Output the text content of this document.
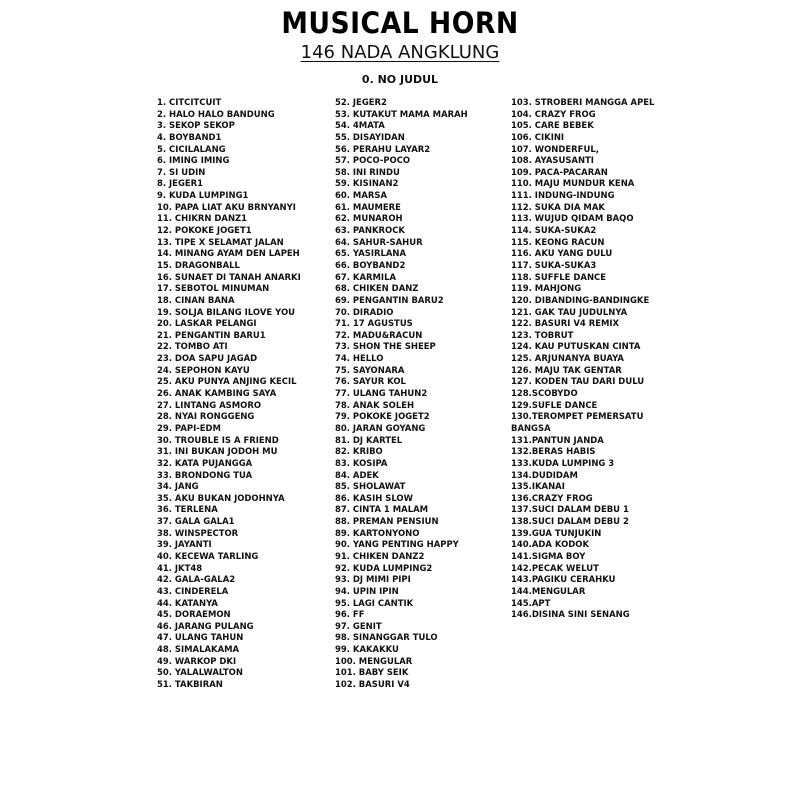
MUSICAL HORN
146 NADA ANGKLUNG
0. NO JUDUL
1. CITCITCUIT
2. HALO HALO BANDUNG
3. SEKOP SEKOP
4. BOYBAND1
5. CICILALANG
6. IMING IMING
7. SI UDIN
8. JEGER1
9. KUDA LUMPING1
10. PAPA LIAT AKU BRNYANYI
11. CHIKRN DANZ1
12. POKOKE JOGET1
13. TIPE X SELAMAT JALAN
14. MINANG AYAM DEN LAPEH
15. DRAGONBALL
16. SUNAET DI TANAH ANARKI
17. SEBOTOL MINUMAN
18. CINAN BANA
19. SOLJA BILANG ILOVE YOU
20. LASKAR PELANGI
21. PENGANTIN BARU1
22. TOMBO ATI
23. DOA SAPU JAGAD
24. SEPOHON KAYU
25. AKU PUNYA ANJING KECIL
26. ANAK KAMBING SAYA
27. LINTANG ASMORO
28. NYAI RONGGENG
29. PAPI-EDM
30. TROUBLE IS A FRIEND
31. INI BUKAN JODOH MU
32. KATA PUJANGGA
33. BRONDONG TUA
34. JANG
35. AKU BUKAN JODOHNYA
36. TERLENA
37. GALA GALA1
38. WINSPECTOR
39. JAYANTI
40. KECEWA TARLING
41. JKT48
42. GALA-GALA2
43. CINDERELA
44. KATANYA
45. DORAEMON
46. JARANG PULANG
47. ULANG TAHUN
48. SIMALAKAMA
49. WARKOP DKI
50. YALALWALTON
51. TAKBIRAN
52. JEGER2
53. KUTAKUT MAMA MARAH
54. 4MATA
55. DISAYIDAN
56. PERAHU LAYAR2
57. POCO-POCO
58. INI RINDU
59. KISINAN2
60. MARSA
61. MAUMERE
62. MUNAROH
63. PANKROCK
64. SAHUR-SAHUR
65. YASIRLANA
66. BOYBAND2
67. KARMILA
68. CHIKEN DANZ
69. PENGANTIN BARU2
70. DIRADIO
71. 17 AGUSTUS
72. MADU&RACUN
73. SHON THE SHEEP
74. HELLO
75. SAYONARA
76. SAYUR KOL
77. ULANG TAHUN2
78. ANAK SOLEH
79. POKOKE JOGET2
80. JARAN GOYANG
81. DJ KARTEL
82. KRIBO
83. KOSIPA
84. ADEK
85. SHOLAWAT
86. KASIH SLOW
87. CINTA 1 MALAM
88. PREMAN PENSIUN
89. KARTONYONO
90. YANG PENTING HAPPY
91. CHIKEN DANZ2
92. KUDA LUMPING2
93. DJ MIMI PIPI
94. UPIN IPIN
95. LAGI CANTIK
96. FF
97. GENIT
98. SINANGGAR TULO
99. KAKAKKU
100. MENGULAR
101. BABY SEIK
102. BASURI V4
103. STROBERI MANGGA APEL
104. CRAZY FROG
105. CARE BEBEK
106. CIKINI
107. WONDERFUL,
108. AYASUSANTI
109. PACA-PACARAN
110. MAJU MUNDUR KENA
111. INDUNG-INDUNG
112. SUKA DIA MAK
113. WUJUD QIDAM BAQO
114. SUKA-SUKA2
115. KEONG RACUN
116. AKU YANG DULU
117. SUKA-SUKA3
118. SUFFLE DANCE
119. MAHJONG
120. DIBANDING-BANDINGKE
121. GAK TAU JUDULNYA
122. BASURI V4 REMIX
123. TOBRUT
124. KAU PUTUSKAN CINTA
125. ARJUNANYA BUAYA
126. MAJU TAK GENTAR
127. KODEN TAU DARI DULU
128.SCOBYDO
129.SUFLE DANCE
130.TEROMPET PEMERSATU
BANGSA
131.PANTUN JANDA
132.BERAS HABIS
133.KUDA LUMPING 3
134.DUDIDAM
135.IKANAI
136.CRAZY FROG
137.SUCI DALAM DEBU 1
138.SUCI DALAM DEBU 2
139.GUA TUNJUKIN
140.ADA KODOK
141.SIGMA BOY
142.PECAK WELUT
143.PAGIKU CERAHKU
144.MENGULAR
145.APT
146.DISINA SINI SENANG
